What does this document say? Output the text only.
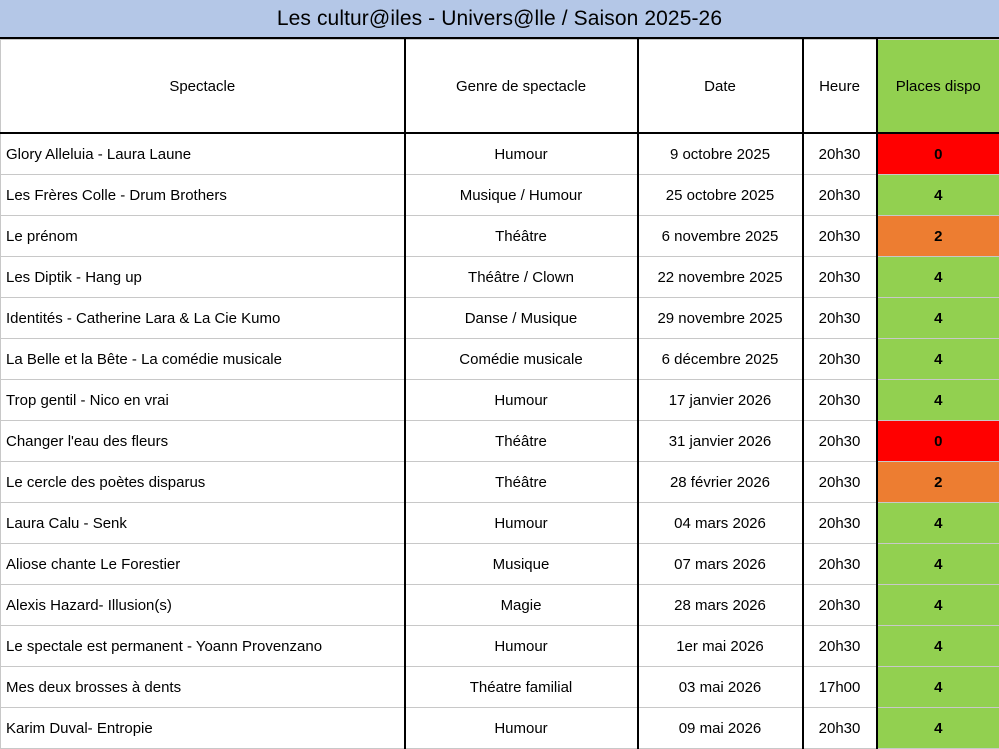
Les cultur@iles - Univers@lle / Saison 2025-26
Spectacle	Genre de spectacle	Date	Heure	Places dispo
Glory Alleluia - Laura Laune	Humour	9 octobre 2025	20h30	0
Les Frères Colle - Drum Brothers	Musique / Humour	25 octobre 2025	20h30	4
Le prénom	Théâtre	6 novembre 2025	20h30	2
Les Diptik - Hang up	Théâtre / Clown	22 novembre 2025	20h30	4
Identités - Catherine Lara & La Cie Kumo	Danse / Musique	29 novembre 2025	20h30	4
La Belle et la Bête - La comédie musicale	Comédie musicale	6 décembre 2025	20h30	4
Trop gentil - Nico en vrai	Humour	17 janvier 2026	20h30	4
Changer l'eau des fleurs	Théâtre	31 janvier 2026	20h30	0
Le cercle des poètes disparus	Théâtre	28 février 2026	20h30	2
Laura Calu - Senk	Humour	04 mars 2026	20h30	4
Aliose chante Le Forestier	Musique	07 mars 2026	20h30	4
Alexis Hazard- Illusion(s)	Magie	28 mars 2026	20h30	4
Le spectale est permanent - Yoann Provenzano	Humour	1er mai 2026	20h30	4
Mes deux brosses à dents	Théatre familial	03 mai 2026	17h00	4
Karim Duval- Entropie	Humour	09 mai 2026	20h30	4
